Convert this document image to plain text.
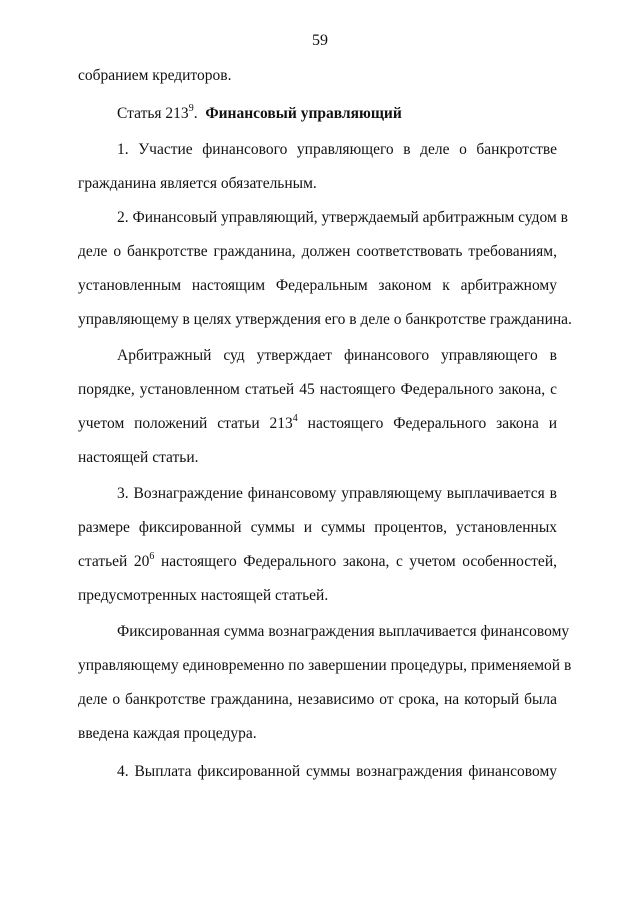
59
собранием кредиторов.
Статья $213^9$. Финансовый управляющий
1. Участие финансового управляющего в деле о банкротстве
гражданина является обязательным.
2. Финансовый управляющий, утверждаемый арбитражным судом в
деле о банкротстве гражданина, должен соответствовать требованиям,
установленным настоящим Федеральным законом к арбитражному
управляющему в целях утверждения его в деле о банкротстве гражданина.
Арбитражный суд утверждает финансового управляющего в
порядке, установленном статьей 45 настоящего Федерального закона, с
учетом положений статьи $213^4$ настоящего Федерального закона и
настоящей статьи.
3. Вознаграждение финансовому управляющему выплачивается в
размере фиксированной суммы и суммы процентов, установленных
статьей $20^6$ настоящего Федерального закона, с учетом особенностей,
предусмотренных настоящей статьей.
Фиксированная сумма вознаграждения выплачивается финансовому
управляющему единовременно по завершении процедуры, применяемой в
деле о банкротстве гражданина, независимо от срока, на который была
введена каждая процедура.
4. Выплата фиксированной суммы вознаграждения финансовому
